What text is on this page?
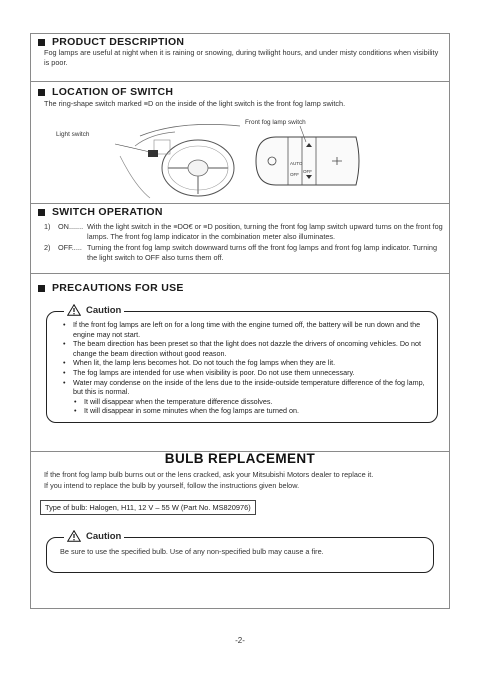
PRODUCT DESCRIPTION
Fog lamps are useful at night when it is raining or snowing, during twilight hours, and under misty conditions when visibility is poor.
LOCATION OF SWITCH
The ring-shape switch marked ≡D on the inside of the light switch is the front fog lamp switch.
Light switch
AUTO
OFF
OFF
Front fog lamp switch
SWITCH OPERATION
1) ON....... With the light switch in the ≡DO€ or ≡D position, turning the front fog lamp switch upward turns on the front fog lamps. The front fog lamp indicator in the combination meter also illuminates.
2) OFF..... Turning the front fog lamp switch downward turns off the front fog lamps and front fog lamp indicator. Turning the light switch to OFF also turns them off.
PRECAUTIONS FOR USE
Caution
• If the front fog lamps are left on for a long time with the engine turned off, the battery will be run down and the engine may not start.
• The beam direction has been preset so that the light does not dazzle the drivers of oncoming vehicles. Do not change the beam direction without good reason.
• When lit, the lamp lens becomes hot. Do not touch the fog lamps when they are lit.
• The fog lamps are intended for use when visibility is poor. Do not use them unnecessary.
• Water may condense on the inside of the lens due to the inside-outside temperature difference of the fog lamp, but this is normal.
• It will disappear when the temperature difference dissolves.
• It will disappear in some minutes when the fog lamps are turned on.
BULB REPLACEMENT
If the front fog lamp bulb burns out or the lens cracked, ask your Mitsubishi Motors dealer to replace it.
If you intend to replace the bulb by yourself, follow the instructions given below.
Type of bulb: Halogen, H11, 12 V – 55 W (Part No. MS820976)
Caution
Be sure to use the specified bulb. Use of any non-specified bulb may cause a fire.
-2-
